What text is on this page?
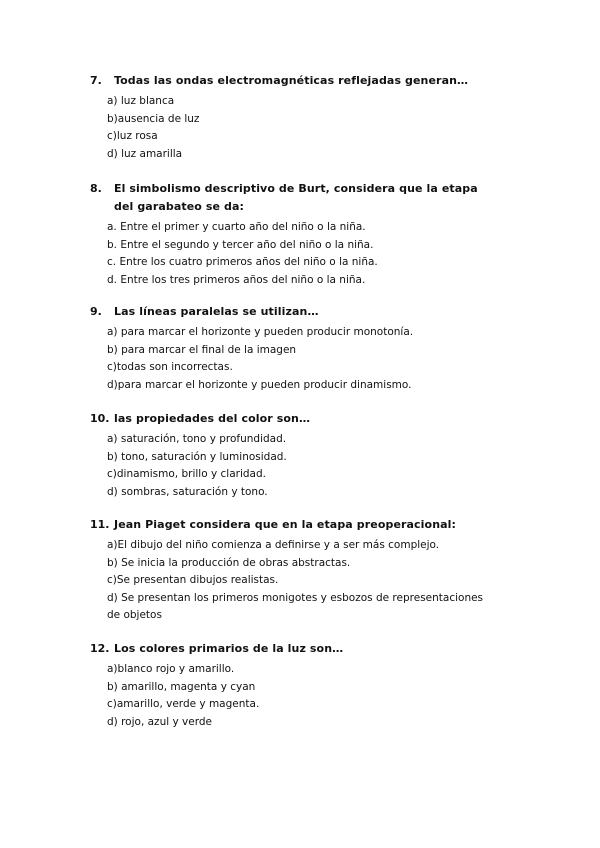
7.	Todas las ondas electromagnéticas reflejadas generan…
a) luz blanca
b)ausencia de luz
c)luz rosa
d) luz amarilla
8.	El simbolismo descriptivo de Burt, considera que la etapa del garabateo se da:
a. Entre el primer y cuarto año del niño o la niña.
b. Entre el segundo y tercer año del niño o la niña.
c. Entre los cuatro primeros años del niño o la niña.
d. Entre los tres primeros años del niño o la niña.
9.	Las líneas paralelas se utilizan…
a) para marcar el horizonte y pueden producir monotonía.
b) para marcar el final de la imagen
c)todas son incorrectas.
d)para marcar el horizonte y pueden producir dinamismo.
10. las propiedades del color son…
a) saturación, tono y profundidad.
b) tono, saturación y luminosidad.
c)dinamismo, brillo y claridad.
d) sombras, saturación y tono.
11. Jean Piaget considera que en la etapa preoperacional:
a)El dibujo del niño comienza a definirse y a ser más complejo.
b) Se inicia la producción de obras abstractas.
c)Se presentan dibujos realistas.
d) Se presentan los primeros monigotes y esbozos de representaciones de objetos
12. Los colores primarios de la luz son…
a)blanco rojo y amarillo.
b) amarillo, magenta y cyan
c)amarillo, verde y magenta.
d) rojo, azul y verde
